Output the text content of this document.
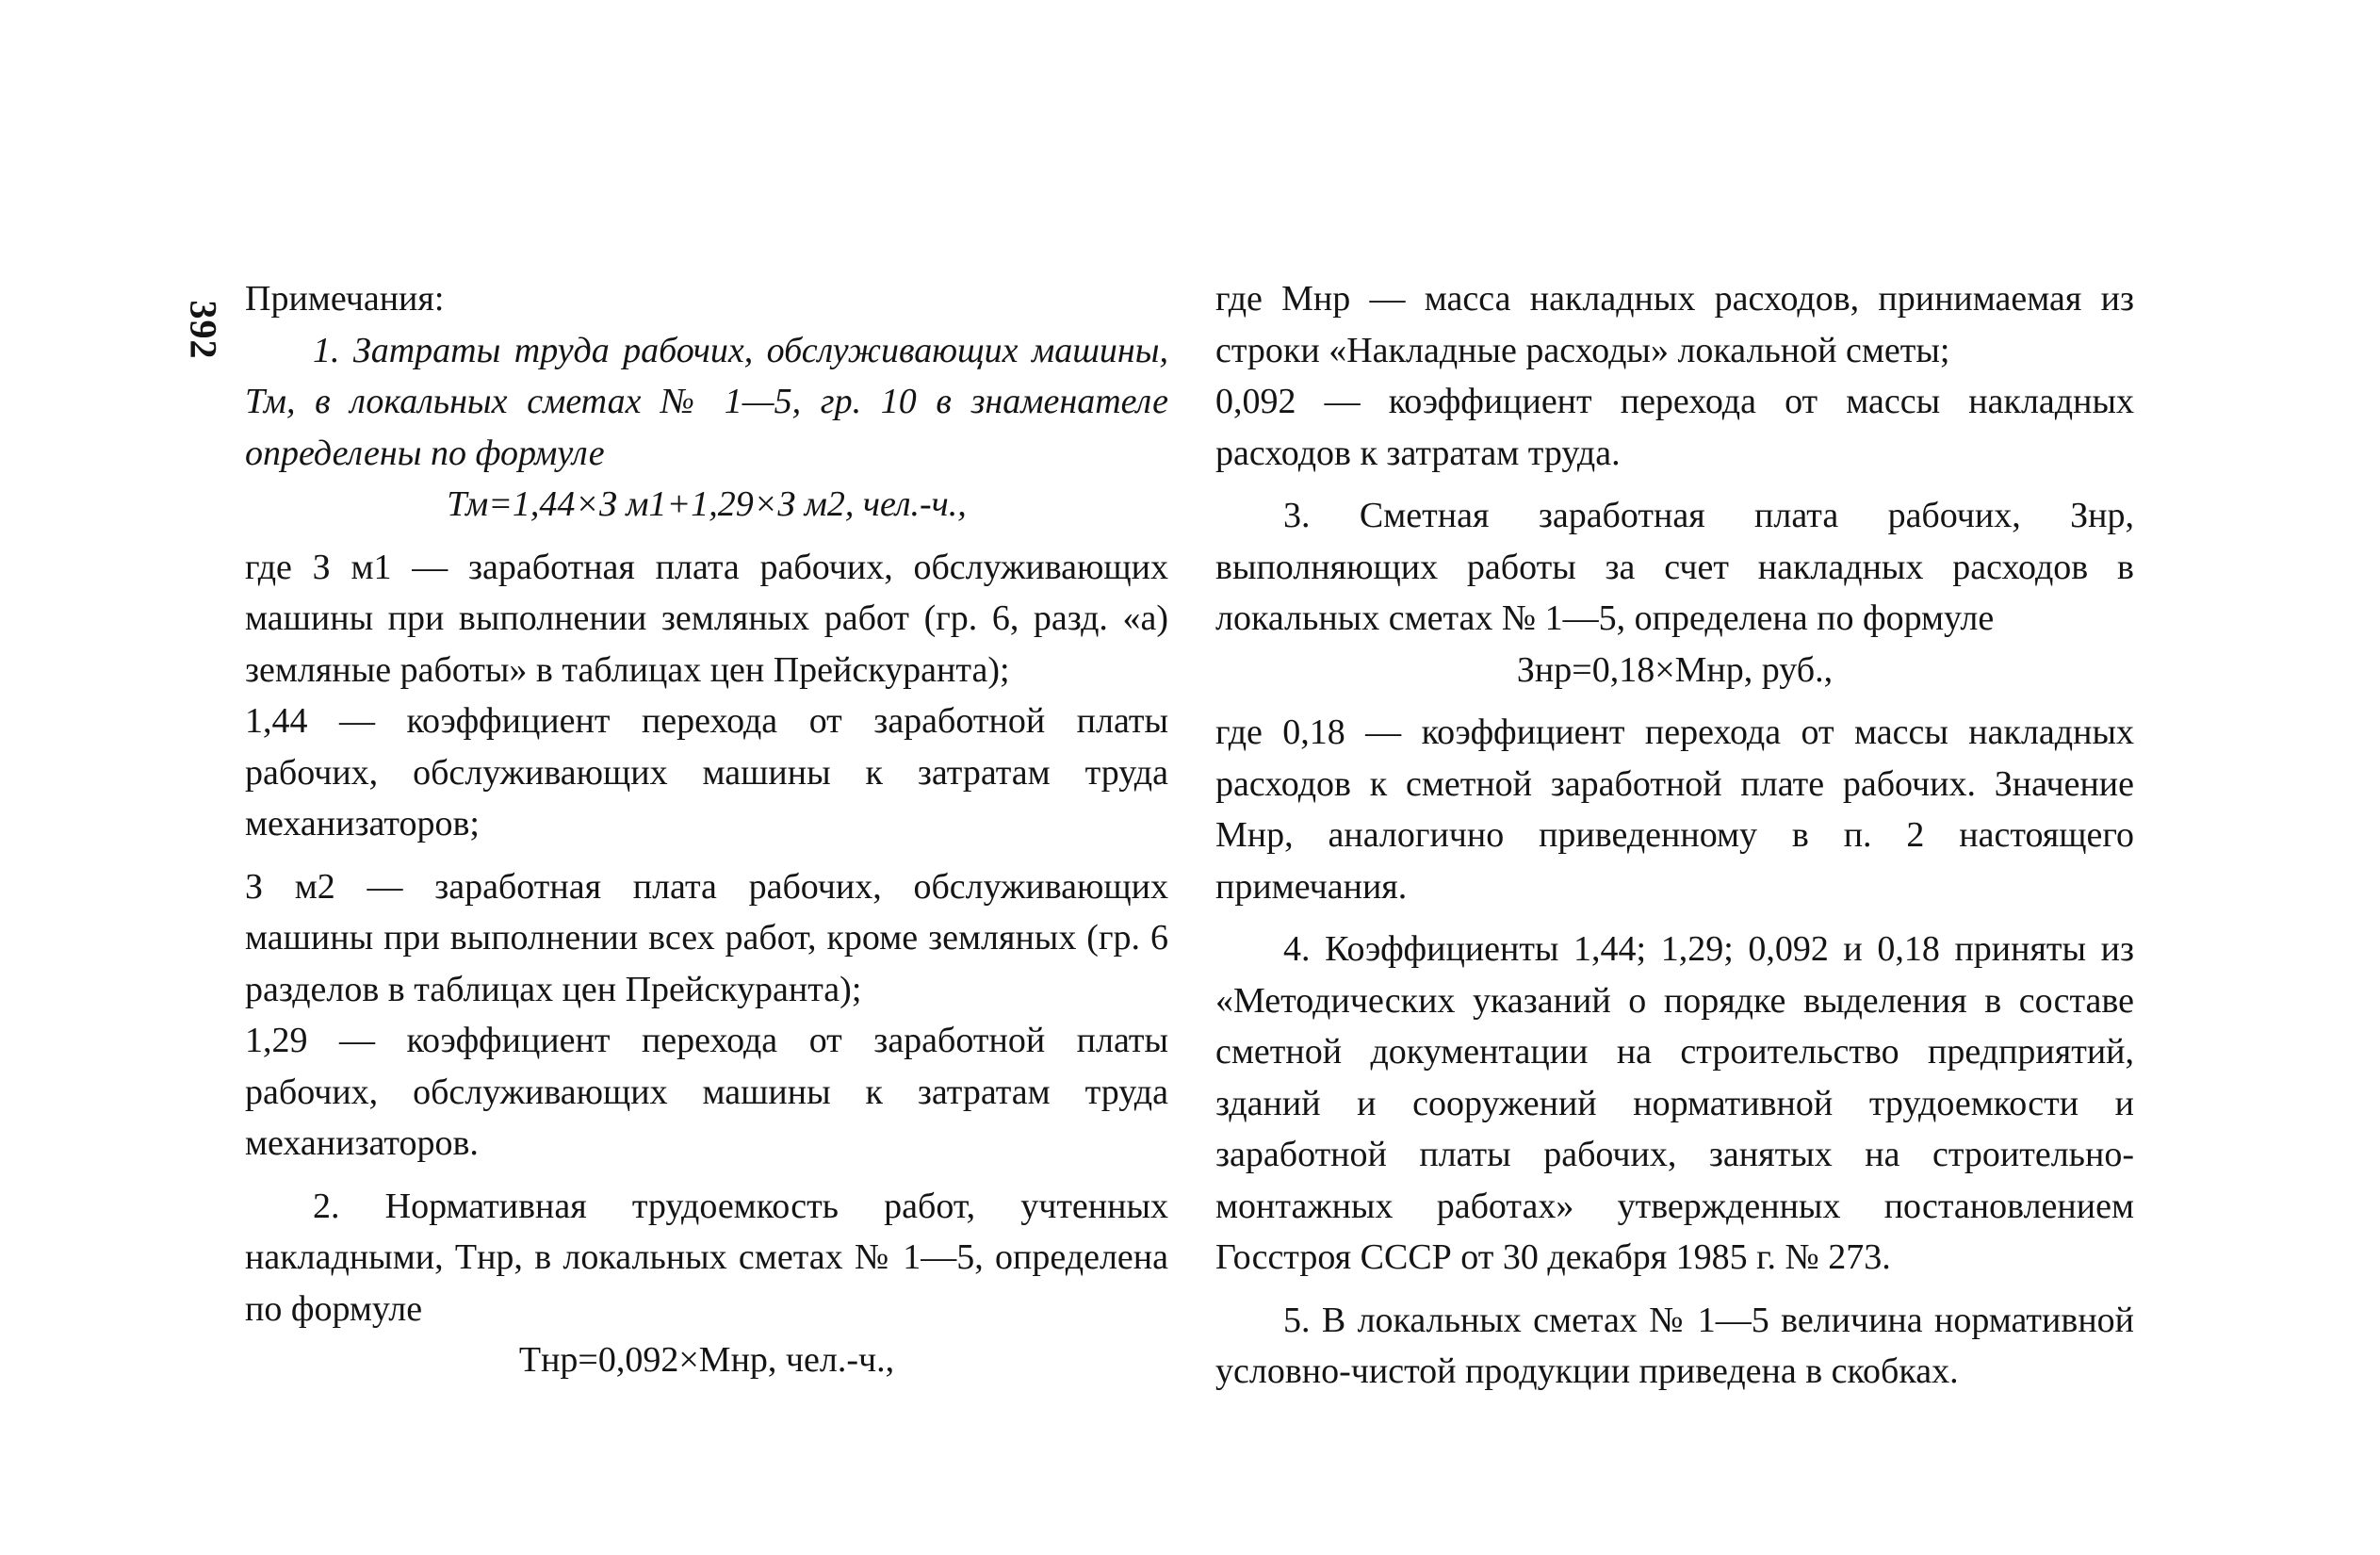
392

Примечания:

1. Затраты труда рабочих, обслуживающих машины, Тм, в локальных сметах № 1—5, гр. 10 в знаменателе определены по формуле

Тм=1,44×З м1+1,29×З м2, чел.-ч.,

где З м1 — заработная плата рабочих, обслуживающих машины при выполнении земляных работ (гр. 6, разд. «а) земляные работы» в таблицах цен Прейскуранта);

1,44 — коэффициент перехода от заработной платы рабочих, обслуживающих машины к затратам труда механизаторов;

З м2 — заработная плата рабочих, обслуживающих машины при выполнении всех работ, кроме земляных (гр. 6 разделов в таблицах цен Прейскуранта);

1,29 — коэффициент перехода от заработной платы рабочих, обслуживающих машины к затратам труда механизаторов.

2. Нормативная трудоемкость работ, учтенных накладными, Тнр, в локальных сметах № 1—5, определена по формуле

Тнр=0,092×Мнр, чел.-ч.,

где Мнр — масса накладных расходов, принимаемая из строки «Накладные расходы» локальной сметы;

0,092 — коэффициент перехода от массы накладных расходов к затратам труда.

3. Сметная заработная плата рабочих, Знр, выполняющих работы за счет накладных расходов в локальных сметах № 1—5, определена по формуле

Знр=0,18×Мнр, руб.,

где 0,18 — коэффициент перехода от массы накладных расходов к сметной заработной плате рабочих. Значение Мнр, аналогично приведенному в п. 2 настоящего примечания.

4. Коэффициенты 1,44; 1,29; 0,092 и 0,18 приняты из «Методических указаний о порядке выделения в составе сметной документации на строительство предприятий, зданий и сооружений нормативной трудоемкости и заработной платы рабочих, занятых на строительно-монтажных работах» утвержденных постановлением Госстроя СССР от 30 декабря 1985 г. № 273.

5. В локальных сметах № 1—5 величина нормативной условно-чистой продукции приведена в скобках.
